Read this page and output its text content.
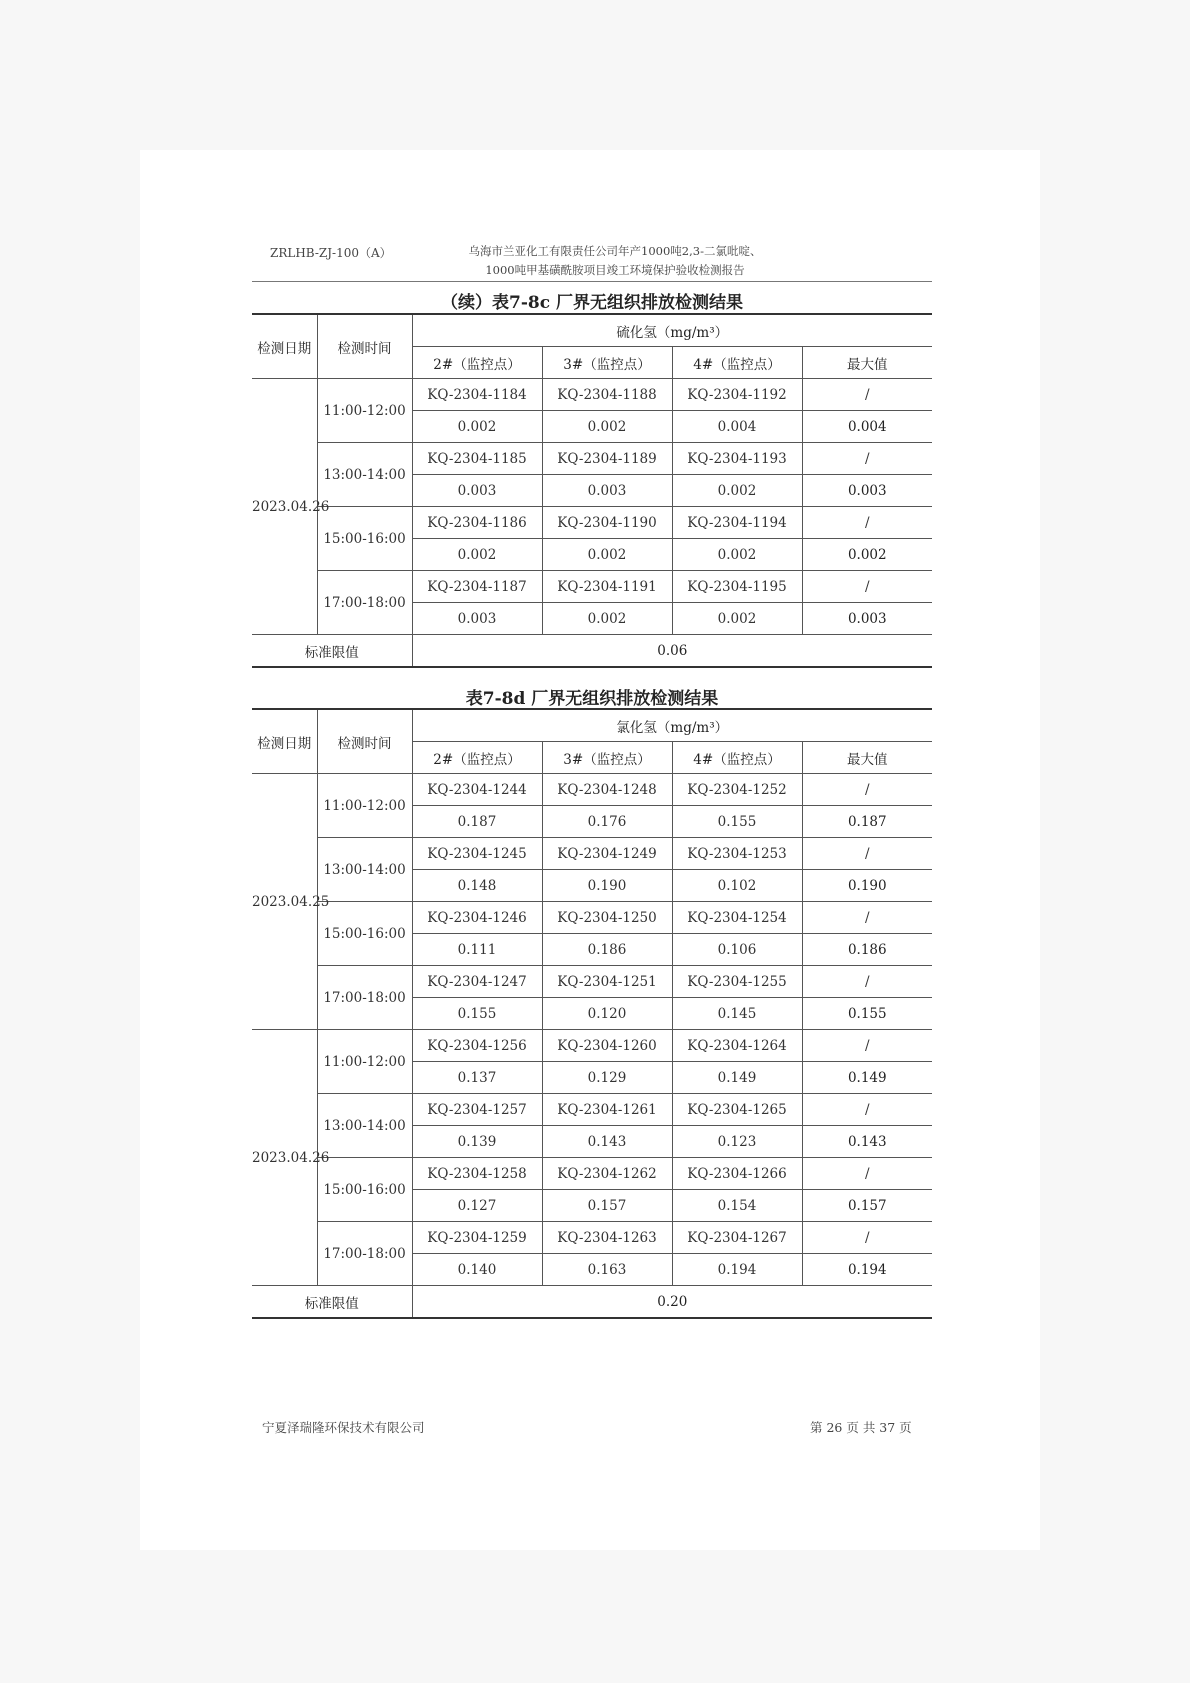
ZRLHB-ZJ-100（A）	乌海市兰亚化工有限责任公司年产1000吨2,3-二氯吡啶、
1000吨甲基磺酰胺项目竣工环境保护验收检测报告
（续）表7-8c 厂界无组织排放检测结果
检测日期	检测时间	硫化氢（mg/m³）			
		2#（监控点）	3#（监控点）	4#（监控点）	最大值
2023.04.26	11:00-12:00	KQ-2304-1184	KQ-2304-1188	KQ-2304-1192	/
		0.002	0.002	0.004	0.004
	13:00-14:00	KQ-2304-1185	KQ-2304-1189	KQ-2304-1193	/
		0.003	0.003	0.002	0.003
	15:00-16:00	KQ-2304-1186	KQ-2304-1190	KQ-2304-1194	/
		0.002	0.002	0.002	0.002
	17:00-18:00	KQ-2304-1187	KQ-2304-1191	KQ-2304-1195	/
		0.003	0.002	0.002	0.003
标准限值		0.06			
表7-8d 厂界无组织排放检测结果
检测日期	检测时间	氯化氢（mg/m³）			
		2#（监控点）	3#（监控点）	4#（监控点）	最大值
2023.04.25	11:00-12:00	KQ-2304-1244	KQ-2304-1248	KQ-2304-1252	/
		0.187	0.176	0.155	0.187
	13:00-14:00	KQ-2304-1245	KQ-2304-1249	KQ-2304-1253	/
		0.148	0.190	0.102	0.190
	15:00-16:00	KQ-2304-1246	KQ-2304-1250	KQ-2304-1254	/
		0.111	0.186	0.106	0.186
	17:00-18:00	KQ-2304-1247	KQ-2304-1251	KQ-2304-1255	/
		0.155	0.120	0.145	0.155
2023.04.26	11:00-12:00	KQ-2304-1256	KQ-2304-1260	KQ-2304-1264	/
		0.137	0.129	0.149	0.149
	13:00-14:00	KQ-2304-1257	KQ-2304-1261	KQ-2304-1265	/
		0.139	0.143	0.123	0.143
	15:00-16:00	KQ-2304-1258	KQ-2304-1262	KQ-2304-1266	/
		0.127	0.157	0.154	0.157
	17:00-18:00	KQ-2304-1259	KQ-2304-1263	KQ-2304-1267	/
		0.140	0.163	0.194	0.194
标准限值		0.20			
宁夏泽瑞隆环保技术有限公司	第 26 页 共 37 页
